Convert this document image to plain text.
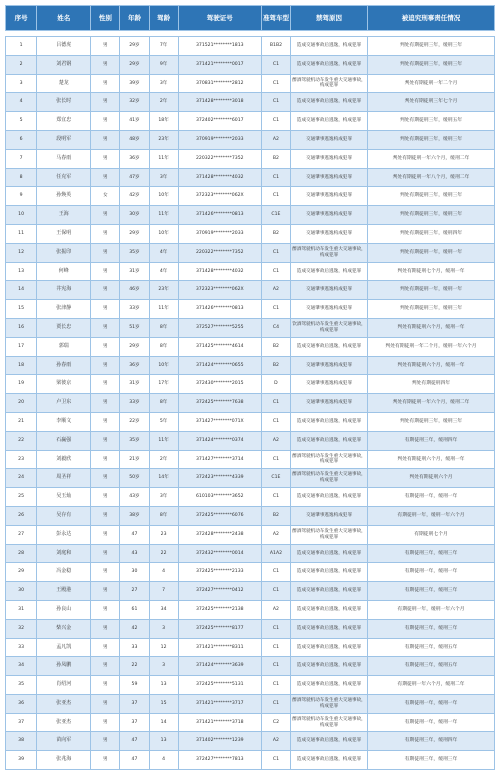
序号	姓名	性别	年龄	驾龄	驾驶证号	准驾车型	禁驾原因	被追究刑事责任情况

1	吕德虎	男	29岁	7年	371521********1813	B1B2	造成交通事故后逃逸，构成犯罪	判处有期徒刑三年，缓刑三年
2	刘君钢	男	29岁	9年	371421********0017	C1	造成交通事故后逃逸，构成犯罪	判处有期徒刑三年，缓刑三年
3	楚龙	男	39岁	3年	370831********2812	C1	醉酒驾驶机动车发生重大交通事故，构成犯罪	判处有期徒刑一年二个月
4	张长时	男	32岁	2年	371428********3018	C1	造成交通事故后逃逸，构成犯罪	判处有期徒刑三年七个月
5	郑宜忠	男	41岁	18年	372402********6017	C1	造成交通事故后逃逸，构成犯罪	判处有期徒刑三年，缓刑五年
6	段明军	男	48岁	23年	370919********2033	A2	交通肇事逃逸构成犯罪	判处有期徒刑三年，缓刑三年
7	马春雨	男	36岁	11年	220322********7352	B2	交通肇事逃逸构成犯罪	判处有期徒刑一年六个月，缓刑二年
8	任克军	男	47岁	3年	371428********4032	C1	交通肇事逃逸构成犯罪	判处有期徒刑一年八个月，缓刑二年
9	孙焕英	女	42岁	10年	372323********062X	C1	交通肇事逃逸构成犯罪	判处有期徒刑三年，缓刑三年
10	王海	男	30岁	11年	371426********0813	C1E	交通肇事逃逸构成犯罪	判处有期徒刑三年，缓刑三年
11	王保明	男	29岁	10年	370919********2033	B2	交通肇事逃逸构成犯罪	判处有期徒刑三年，缓刑四年
12	张振印	男	35岁	4年	220322********7352	C1	醉酒驾驶机动车发生重大交通事故，构成犯罪	判处有期徒刑一年，缓刑一年
13	何峰	男	31岁	4年	371428********4032	C1	造成交通事故后逃逸，构成犯罪	判处有期徒刑七个月，缓刑一年
14	井宪海	男	46岁	23年	372323********062X	A2	交通肇事逃逸构成犯罪	判处有期徒刑一年，缓刑一年
15	张津静	男	33岁	11年	371426********0813	C1	交通肇事逃逸构成犯罪	判处有期徒刑三年，缓刑三年
16	贾长忠	男	51岁	8年	372527********5255	C4	饮酒驾驶机动车发生重大交通事故，构成犯罪	判处有期徒刑六个月，缓刑一年
17	郭瑞	男	29岁	8年	371425********4614	B2	造成交通事故后逃逸，构成犯罪	判处有期徒刑一年二个月，缓刑一年六个月
18	孙春雨	男	36岁	10年	371424********0655	B2	交通肇事逃逸构成犯罪	判处有期徒刑六个月，缓刑一年
19	梁彼京	男	31岁	17年	372430********2015	D	交通肇事逃逸构成犯罪	判处有期徒刑四年
20	卢卫东	男	33岁	8年	372425********7638	C1	交通肇事逃逸构成犯罪	判处有期徒刑一年六个月，缓刑二年
21	李顺文	男	22岁	5年	371427********071X	C1	造成交通事故后逃逸，构成犯罪	判处有期徒刑三年，缓刑三年
22	石赢强	男	35岁	11年	371424********0374	A2	造成交通事故后逃逸，构成犯罪	有期徒刑三年，缓刑四年
23	刘毅欣	男	21岁	2年	371427********3714	C1	醉酒驾驶机动车发生重大交通事故，构成犯罪	判处有期徒刑六个月，缓刑一年
24	周圣祥	男	50岁	14年	372423********4339	C1E	醉酒驾驶机动车发生重大交通事故，构成犯罪	判处有期徒刑六个月
25	吴玉灿	男	43岁	3年	610103********3652	C1	造成交通事故后逃逸，构成犯罪	有期徒刑一年，缓刑一年
26	吴存有	男	38岁	8年	372425********6076	B2	交通肇事逃逸构成犯罪	有期徒刑一年，缓刑一年六个月
27	彭永达	男	47	23	372428********2438	A2	醉酒驾驶机动车发生重大交通事故，构成犯罪	有期徒刑七个月
28	刘庭和	男	43	22	372432********0014	A1A2	造成交通事故后逃逸，构成犯罪	有期徒刑三年，缓刑三年
29	冯金稳	男	30	4	372425********2133	C1	造成交通事故后逃逸，构成犯罪	有期徒刑一年，缓刑一年
30	王殿港	男	27	7	372427********0412	C1	造成交通事故后逃逸，构成犯罪	有期徒刑三年，缓刑三年
31	孙良山	男	61	34	372425********2138	A2	造成交通事故后逃逸，构成犯罪	有期徒刑一年，缓刑一年六个月
32	柴兴金	男	42	3	372425********8177	C1	造成交通事故后逃逸，构成犯罪	有期徒刑三年，缓刑三年
33	孟凡凯	男	33	12	371421********8311	C1	造成交通事故后逃逸，构成犯罪	有期徒刑三年，缓刑五年
34	孙凤鹏	男	22	3	371424********3639	C1	造成交通事故后逃逸，构成犯罪	有期徒刑三年，缓刑五年
35	肖绍河	男	59	13	372425********5131	C1	造成交通事故后逃逸，构成犯罪	有期徒刑一年六个月，缓刑二年
36	张亚杰	男	37	15	371421********3717	C1	醉酒驾驶机动车发生重大交通事故，构成犯罪	有期徒刑一年，缓刑一年
37	张亚杰	男	37	14	371421********3718	C2	醉酒驾驶机动车发生重大交通事故，构成犯罪	有期徒刑一年，缓刑一年
38	苗向军	男	47	13	371402********1239	A2	造成交通事故后逃逸，构成犯罪	有期徒刑三年，缓刑四年
39	张兆海	男	47	4	372427********7813	C1	造成交通事故后逃逸，构成犯罪	有期徒刑三年，缓刑三年
